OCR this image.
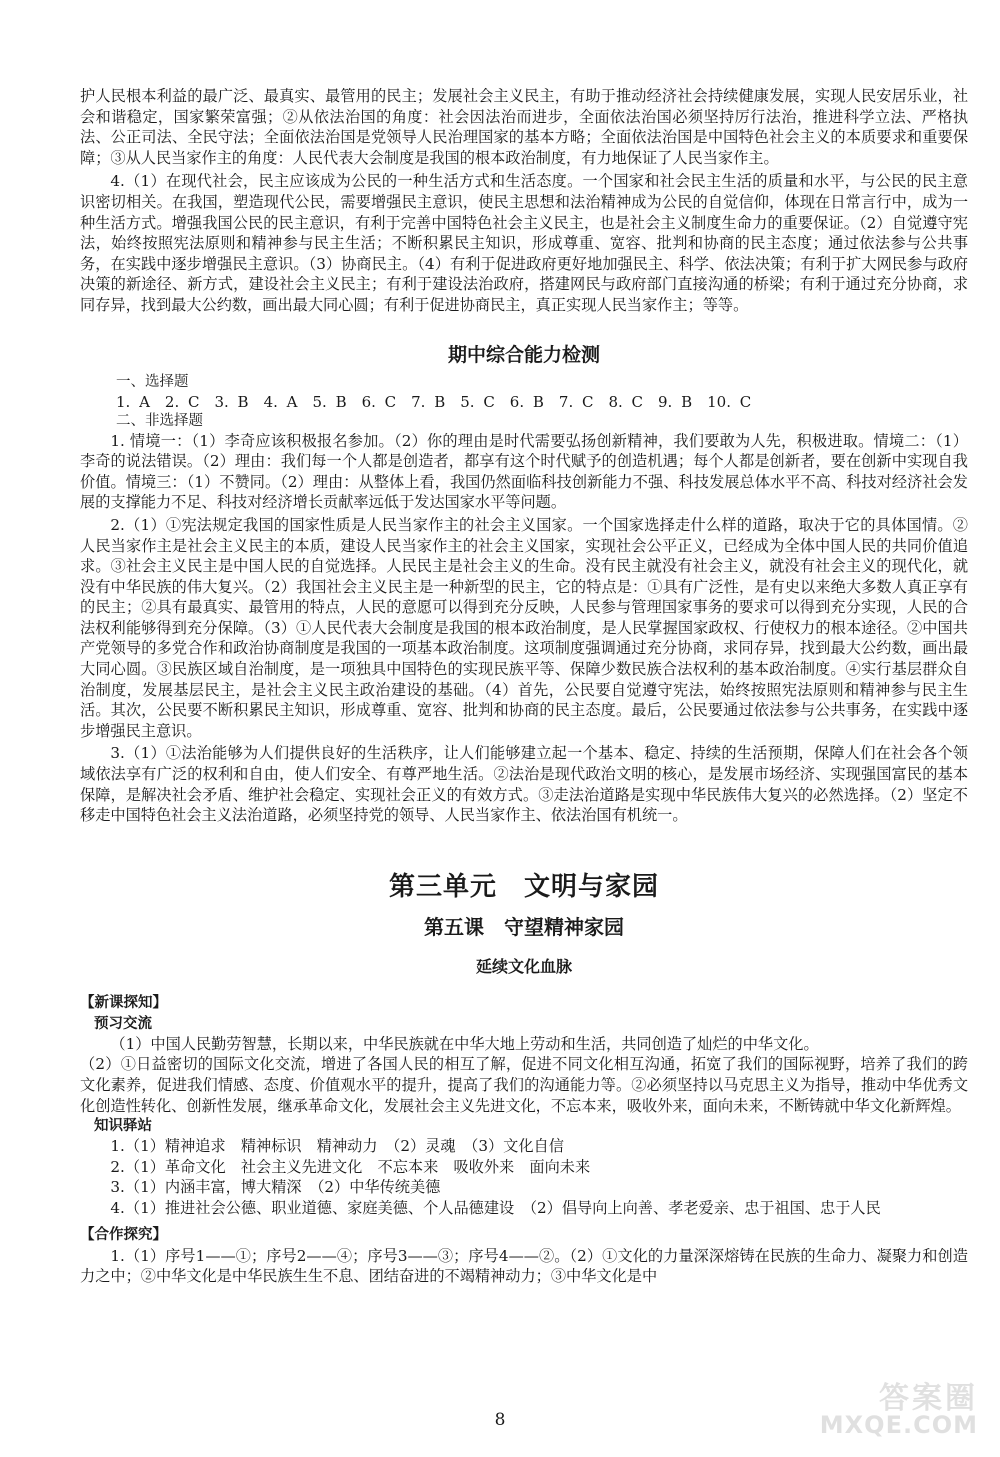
护人民根本利益的最广泛、最真实、最管用的民主；发展社会主义民主，有助于推动经济社会持续健康发展，实现人民安居乐业，社会和谐稳定，国家繁荣富强；②从依法治国的角度：社会因法治而进步，全面依法治国必须坚持厉行法治，推进科学立法、严格执法、公正司法、全民守法；全面依法治国是党领导人民治理国家的基本方略；全面依法治国是中国特色社会主义的本质要求和重要保障；③从人民当家作主的角度：人民代表大会制度是我国的根本政治制度，有力地保证了人民当家作主。

4.（1）在现代社会，民主应该成为公民的一种生活方式和生活态度。一个国家和社会民主生活的质量和水平，与公民的民主意识密切相关。在我国，塑造现代公民，需要增强民主意识，使民主思想和法治精神成为公民的自觉信仰，体现在日常言行中，成为一种生活方式。增强我国公民的民主意识，有利于完善中国特色社会主义民主，也是社会主义制度生命力的重要保证。（2）自觉遵守宪法，始终按照宪法原则和精神参与民主生活；不断积累民主知识，形成尊重、宽容、批判和协商的民主态度；通过依法参与公共事务，在实践中逐步增强民主意识。（3）协商民主。（4）有利于促进政府更好地加强民主、科学、依法决策；有利于扩大网民参与政府决策的新途径、新方式，建设社会主义民主；有利于建设法治政府，搭建网民与政府部门直接沟通的桥梁；有利于通过充分协商，求同存异，找到最大公约数，画出最大同心圆；有利于促进协商民主，真正实现人民当家作主；等等。

期中综合能力检测

一、选择题

1. A　2. C　3. B　4. A　5. B　6. C　7. B　5. C　6. B　7. C　8. C　9. B　10. C

二、非选择题

1. 情境一：（1）李奇应该积极报名参加。（2）你的理由是时代需要弘扬创新精神，我们要敢为人先，积极进取。情境二：（1）李奇的说法错误。（2）理由：我们每一个人都是创造者，都享有这个时代赋予的创造机遇；每个人都是创新者，要在创新中实现自我价值。情境三：（1）不赞同。（2）理由：从整体上看，我国仍然面临科技创新能力不强、科技发展总体水平不高、科技对经济社会发展的支撑能力不足、科技对经济增长贡献率远低于发达国家水平等问题。

2.（1）①宪法规定我国的国家性质是人民当家作主的社会主义国家。一个国家选择走什么样的道路，取决于它的具体国情。②人民当家作主是社会主义民主的本质，建设人民当家作主的社会主义国家，实现社会公平正义，已经成为全体中国人民的共同价值追求。③社会主义民主是中国人民的自觉选择。人民民主是社会主义的生命。没有民主就没有社会主义，就没有社会主义的现代化，就没有中华民族的伟大复兴。（2）我国社会主义民主是一种新型的民主，它的特点是：①具有广泛性，是有史以来绝大多数人真正享有的民主；②具有最真实、最管用的特点，人民的意愿可以得到充分反映，人民参与管理国家事务的要求可以得到充分实现，人民的合法权利能够得到充分保障。（3）①人民代表大会制度是我国的根本政治制度，是人民掌握国家政权、行使权力的根本途径。②中国共产党领导的多党合作和政治协商制度是我国的一项基本政治制度。这项制度强调通过充分协商，求同存异，找到最大公约数，画出最大同心圆。③民族区域自治制度，是一项独具中国特色的实现民族平等、保障少数民族合法权利的基本政治制度。④实行基层群众自治制度，发展基层民主，是社会主义民主政治建设的基础。（4）首先，公民要自觉遵守宪法，始终按照宪法原则和精神参与民主生活。其次，公民要不断积累民主知识，形成尊重、宽容、批判和协商的民主态度。最后，公民要通过依法参与公共事务，在实践中逐步增强民主意识。

3.（1）①法治能够为人们提供良好的生活秩序，让人们能够建立起一个基本、稳定、持续的生活预期，保障人们在社会各个领域依法享有广泛的权利和自由，使人们安全、有尊严地生活。②法治是现代政治文明的核心，是发展市场经济、实现强国富民的基本保障，是解决社会矛盾、维护社会稳定、实现社会正义的有效方式。③走法治道路是实现中华民族伟大复兴的必然选择。（2）坚定不移走中国特色社会主义法治道路，必须坚持党的领导、人民当家作主、依法治国有机统一。

第三单元　文明与家园
第五课　守望精神家园
延续文化血脉
【新课探知】
预习交流

（1）中国人民勤劳智慧，长期以来，中华民族就在中华大地上劳动和生活，共同创造了灿烂的中华文化。

（2）①日益密切的国际文化交流，增进了各国人民的相互了解，促进不同文化相互沟通，拓宽了我们的国际视野，培养了我们的跨文化素养，促进我们情感、态度、价值观水平的提升，提高了我们的沟通能力等。②必须坚持以马克思主义为指导，推动中华优秀文化创造性转化、创新性发展，继承革命文化，发展社会主义先进文化，不忘本来，吸收外来，面向未来，不断铸就中华文化新辉煌。

知识驿站

1.（1）精神追求　精神标识　精神动力　（2）灵魂　（3）文化自信

2.（1）革命文化　社会主义先进文化　不忘本来　吸收外来　面向未来

3.（1）内涵丰富，博大精深　（2）中华传统美德

4.（1）推进社会公德、职业道德、家庭美德、个人品德建设　（2）倡导向上向善、孝老爱亲、忠于祖国、忠于人民

【合作探究】

1.（1）序号1——①；序号2——④；序号3——③；序号4——②。（2）①文化的力量深深熔铸在民族的生命力、凝聚力和创造力之中；②中华文化是中华民族生生不息、团结奋进的不竭精神动力；③中华文化是中

8
答案圈
MXQE.COM
